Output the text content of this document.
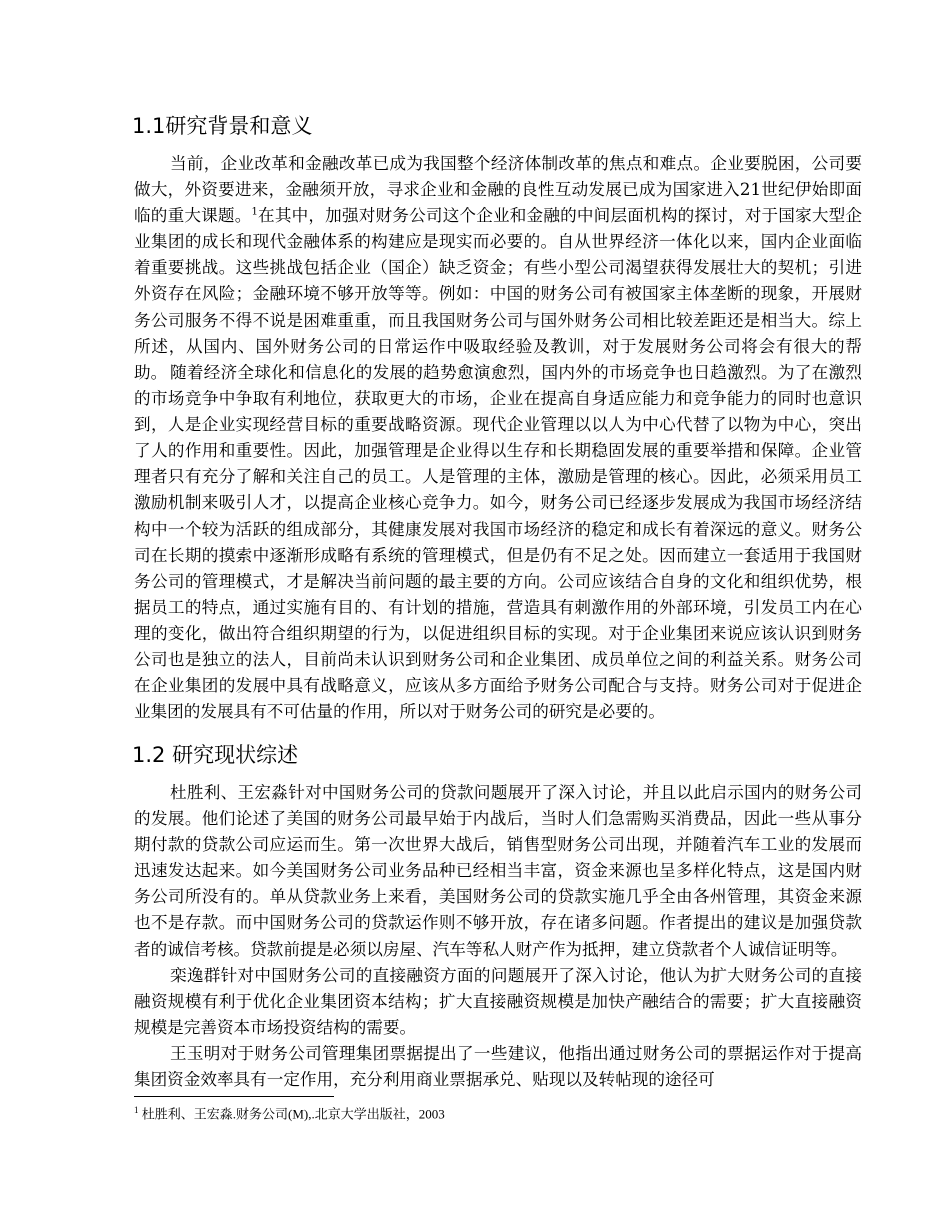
1.1研究背景和意义

当前，企业改革和金融改革已成为我国整个经济体制改革的焦点和难点。企业要脱困，公司要做大，外资要进来，金融须开放，寻求企业和金融的良性互动发展已成为国家进入21世纪伊始即面临的重大课题。$^1$在其中，加强对财务公司这个企业和金融的中间层面机构的探讨，对于国家大型企业集团的成长和现代金融体系的构建应是现实而必要的。自从世界经济一体化以来，国内企业面临着重要挑战。这些挑战包括企业（国企）缺乏资金；有些小型公司渴望获得发展壮大的契机；引进外资存在风险；金融环境不够开放等等。例如：中国的财务公司有被国家主体垄断的现象，开展财务公司服务不得不说是困难重重，而且我国财务公司与国外财务公司相比较差距还是相当大。综上所述，从国内、国外财务公司的日常运作中吸取经验及教训，对于发展财务公司将会有很大的帮助。 随着经济全球化和信息化的发展的趋势愈演愈烈，国内外的市场竞争也日趋激烈。为了在激烈的市场竞争中争取有利地位，获取更大的市场，企业在提高自身适应能力和竞争能力的同时也意识到，人是企业实现经营目标的重要战略资源。现代企业管理以以人为中心代替了以物为中心，突出了人的作用和重要性。因此，加强管理是企业得以生存和长期稳固发展的重要举措和保障。企业管理者只有充分了解和关注自己的员工。人是管理的主体，激励是管理的核心。因此，必须采用员工激励机制来吸引人才，以提高企业核心竞争力。如今，财务公司已经逐步发展成为我国市场经济结构中一个较为活跃的组成部分，其健康发展对我国市场经济的稳定和成长有着深远的意义。财务公司在长期的摸索中逐渐形成略有系统的管理模式，但是仍有不足之处。因而建立一套适用于我国财务公司的管理模式，才是解决当前问题的最主要的方向。公司应该结合自身的文化和组织优势，根据员工的特点，通过实施有目的、有计划的措施，营造具有刺激作用的外部环境，引发员工内在心理的变化，做出符合组织期望的行为，以促进组织目标的实现。对于企业集团来说应该认识到财务公司也是独立的法人，目前尚未认识到财务公司和企业集团、成员单位之间的利益关系。财务公司在企业集团的发展中具有战略意义，应该从多方面给予财务公司配合与支持。财务公司对于促进企业集团的发展具有不可估量的作用，所以对于财务公司的研究是必要的。

1.2 研究现状综述

杜胜利、王宏淼针对中国财务公司的贷款问题展开了深入讨论，并且以此启示国内的财务公司的发展。他们论述了美国的财务公司最早始于内战后，当时人们急需购买消费品，因此一些从事分期付款的贷款公司应运而生。第一次世界大战后，销售型财务公司出现，并随着汽车工业的发展而迅速发达起来。如今美国财务公司业务品种已经相当丰富，资金来源也呈多样化特点，这是国内财务公司所没有的。单从贷款业务上来看，美国财务公司的贷款实施几乎全由各州管理，其资金来源也不是存款。而中国财务公司的贷款运作则不够开放，存在诸多问题。作者提出的建议是加强贷款者的诚信考核。贷款前提是必须以房屋、汽车等私人财产作为抵押，建立贷款者个人诚信证明等。

栾逸群针对中国财务公司的直接融资方面的问题展开了深入讨论，他认为扩大财务公司的直接融资规模有利于优化企业集团资本结构；扩大直接融资规模是加快产融结合的需要；扩大直接融资规模是完善资本市场投资结构的需要。

王玉明对于财务公司管理集团票据提出了一些建议，他指出通过财务公司的票据运作对于提高集团资金效率具有一定作用，充分利用商业票据承兑、贴现以及转帖现的途径可

$^1$ 杜胜利、王宏淼.财务公司(M),.北京大学出版社，2003
